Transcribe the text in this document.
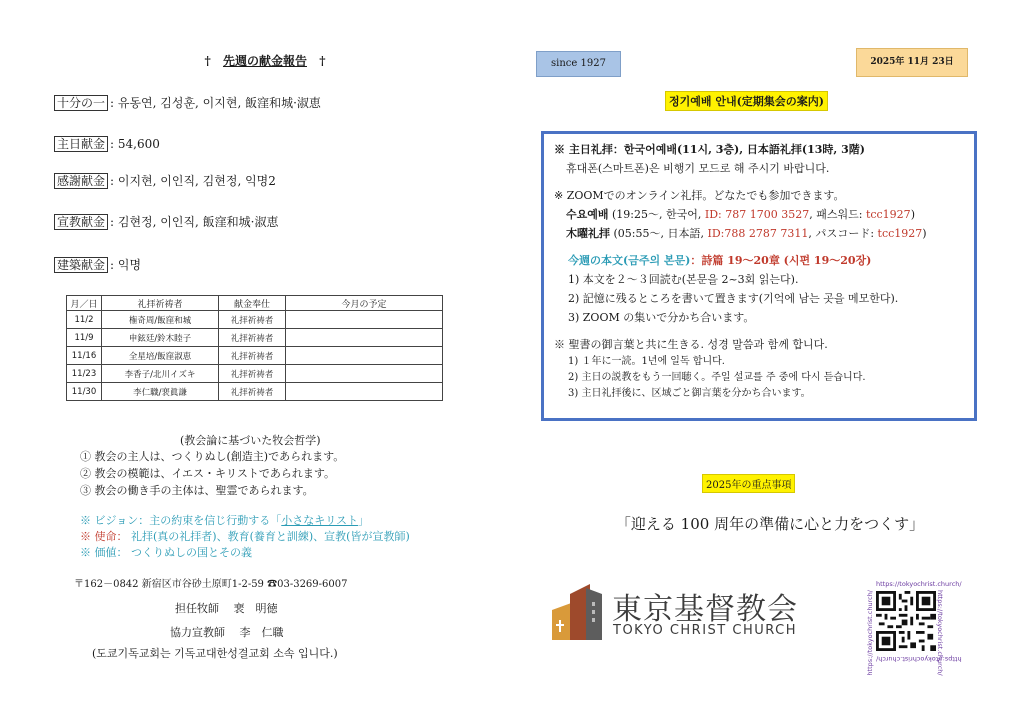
† 先週の献金報告 †
十分の一 : 유동연, 김성훈, 이지현, 飯窪和城·淑恵
主日献金 : 54,600
感謝献金 : 이지현, 이인직, 김현정, 익명2
宣教献金 : 김현정, 이인직, 飯窪和城·淑恵
建築献金 : 익명
月／日	礼拝祈祷者	献金奉仕	今月の予定
11/2	権奇周/飯窪和城	礼拝祈祷者	
11/9	申鉉廷/鈴木睦子	礼拝祈祷者	
11/16	全星培/飯窪淑恵	礼拝祈祷者	
11/23	李香子/北川イズキ	礼拝祈祷者	
11/30	李仁職/裵眞謙	礼拝祈祷者	
(教会論に基づいた牧会哲学)
① 教会の主人は、つくりぬし(創造主)であられます。
② 教会の模範は、イエス・キリストであられます。
③ 教会の働き手の主体は、聖霊であられます。
※ ビジョン：主の約束を信じ行動する「小さなキリスト」
※ 使命： 礼拝(真の礼拝者)、教育(養育と訓練)、宣教(皆が宣教師)
※ 価値： つくりぬしの国とその義
〒162－0842 新宿区市谷砂土原町1-2-59 ☎03-3269-6007
担任牧師　 裵　明徳
協力宣教師　 李　仁職
(도쿄기독교회는 기독교대한성결교회 소속 입니다.)
since 1927	2025年 11月 23日
정기예배 안내(定期集会の案内)

※ 主日礼拝：한국어예배(11시, 3층), 日本語礼拝(13時, 3階)

휴대폰(스마트폰)은 비행기 모드로 해 주시기 바랍니다.

※ ZOOMでのオンライン礼拝。どなたでも参加できます。

수요예배 (19:25～, 한국어, ID: 787 1700 3527, 패스워드: tcc1927)

木曜礼拝 (05:55～, 日本語, ID:788 2787 7311, パスコード: tcc1927)

今週の本文(금주의 본문)：詩篇 19～20章 (시편 19～20장)

1) 本文を２～３回読む(본문을 2~3회 읽는다).

2) 記憶に残るところを書いて置きます(기억에 남는 곳을 메모한다).

3) ZOOM の集いで分かち合います。

※ 聖書の御言葉と共に生きる. 성경 말씀과 함께 합니다.

1) １年に一読。1년에 일독 합니다.

2) 主日の説教をもう一回聴く。주일 설교를 주 중에 다시 듣습니다.

3) 主日礼拝後に、区域ごと御言葉を分かち合います。

2025年の重点事項
「迎える 100 周年の準備に心と力をつくす」
東京基督教会
TOKYO CHRIST CHURCH
https://tokyochrist.church/
https://tokyochrist.church/
https://tokyochrist.church/ https://tokyochrist.church/
